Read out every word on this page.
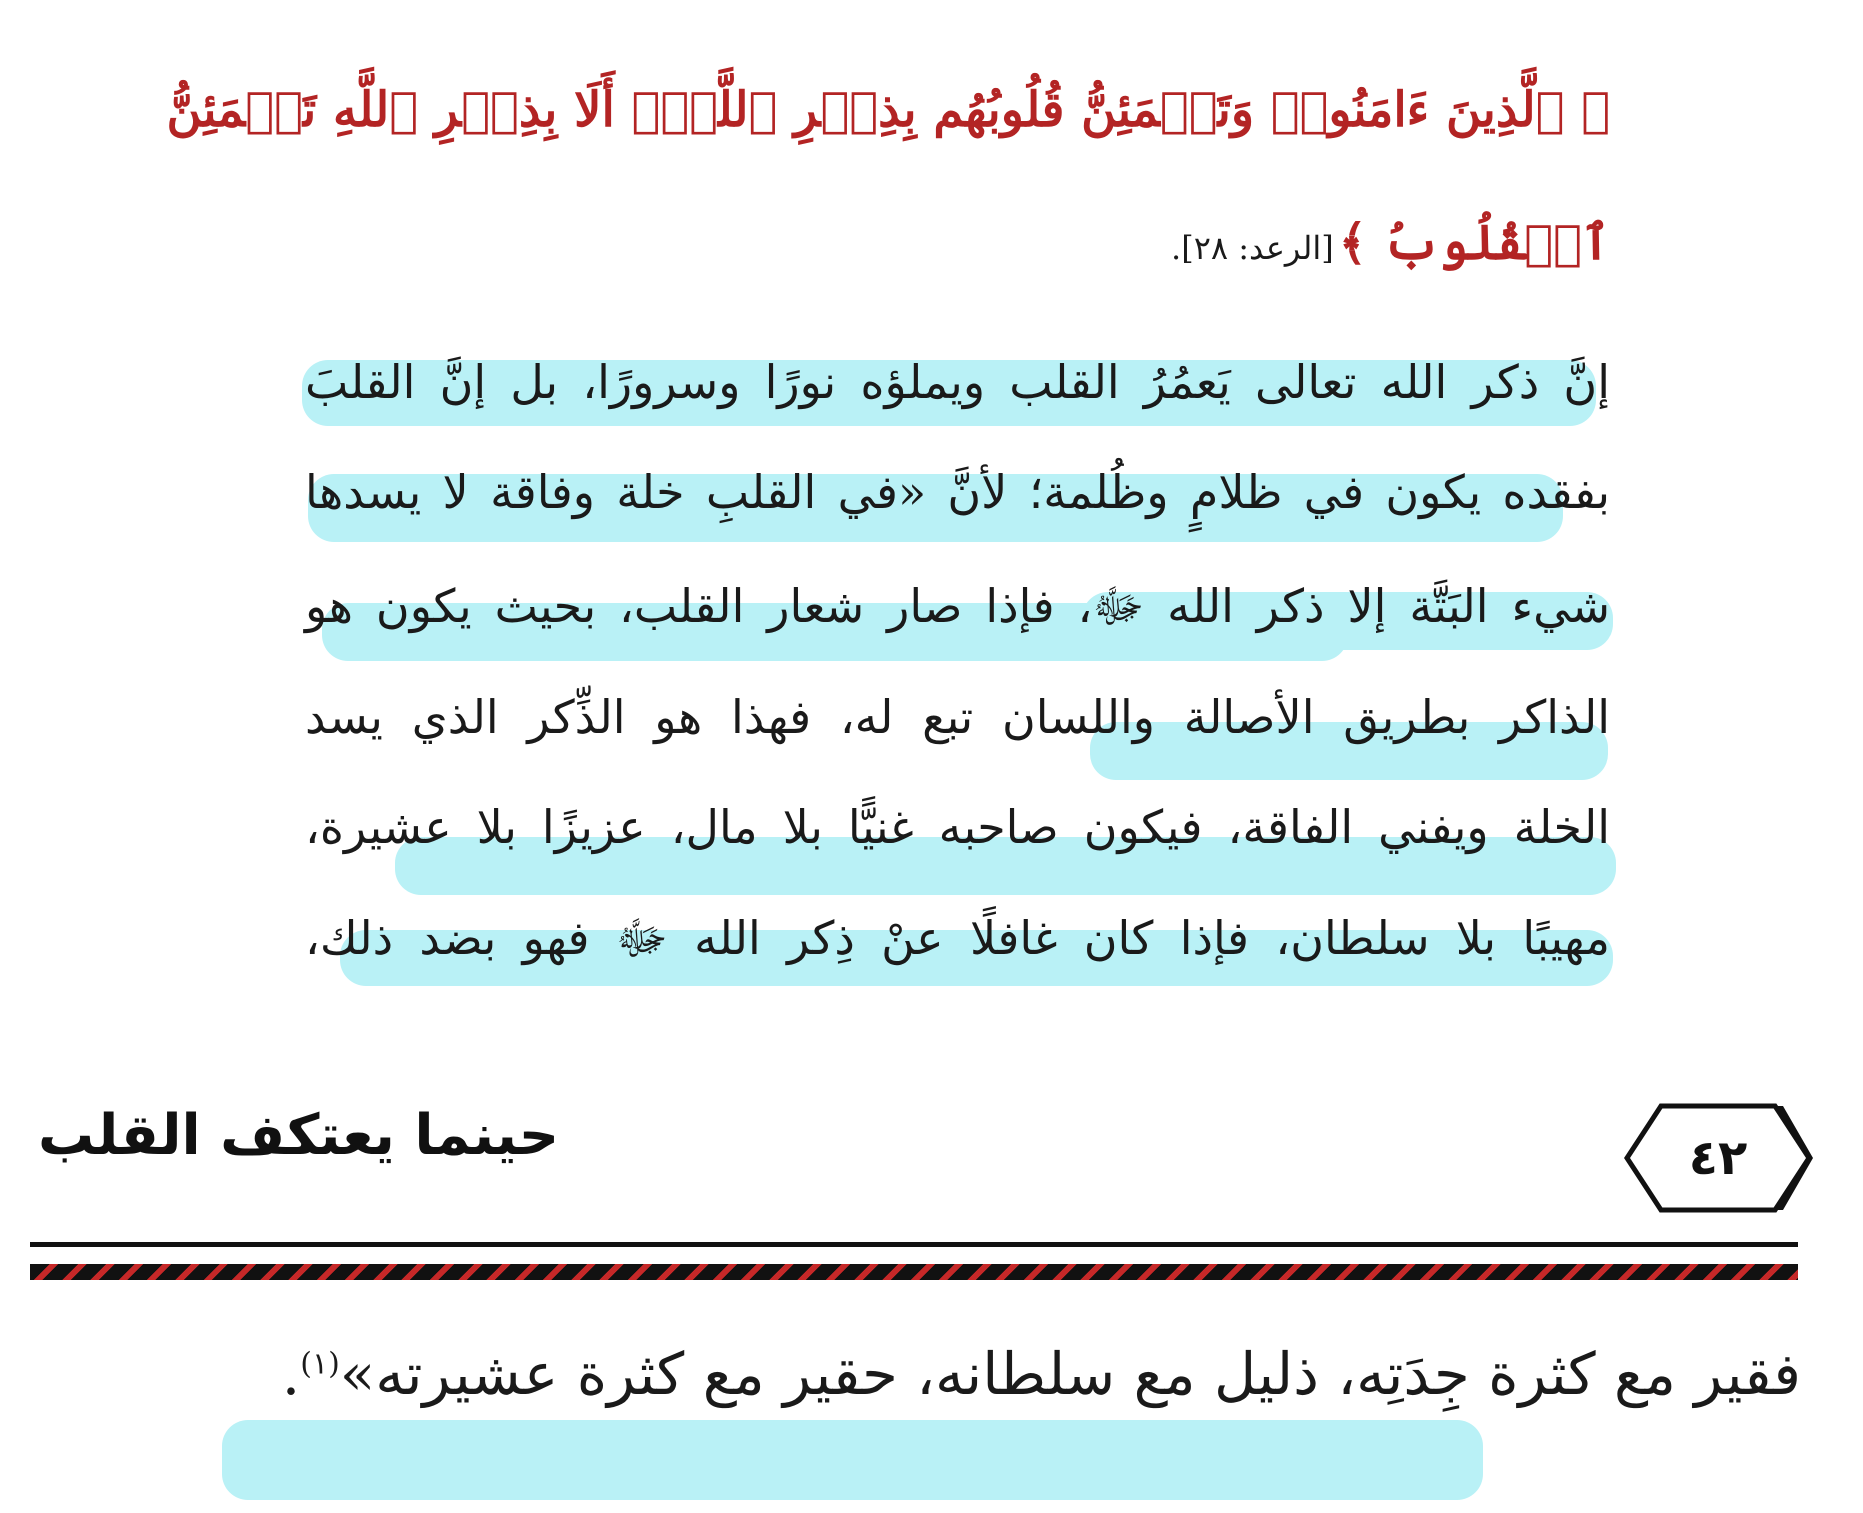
﴿ ٱلَّذِينَ ءَامَنُوا۟ وَتَطۡمَئِنُّ قُلُوبُهُم بِذِكۡرِ ٱللَّهِۗ أَلَا بِذِكۡرِ ٱللَّهِ تَطۡمَئِنُّ
ٱلۡقُلُوبُ ﴾ [الرعد: ٢٨].
إنَّ ذكر الله تعالى يَعمُرُ القلب ويملؤه نورًا وسرورًا، بل إنَّ القلبَ
بفقده يكون في ظلامٍ وظُلمة؛ لأنَّ «في القلبِ خلة وفاقة لا يسدها
شيء البَتَّة إلا ذكر الله ﷻ، فإذا صار شعار القلب، بحيث يكون هو
الذاكر بطريق الأصالة واللسان تبع له، فهذا هو الذِّكر الذي يسد
الخلة ويفني الفاقة، فيكون صاحبه غنيًّا بلا مال، عزيزًا بلا عشيرة،
مهيبًا بلا سلطان، فإذا كان غافلًا عنْ ذِكر الله ﷻ فهو بضد ذلك،
حينما يعتكف القلب	٤٢
فقير مع كثرة جِدَتِه، ذليل مع سلطانه، حقير مع كثرة عشيرته»$^{(١)}$.
